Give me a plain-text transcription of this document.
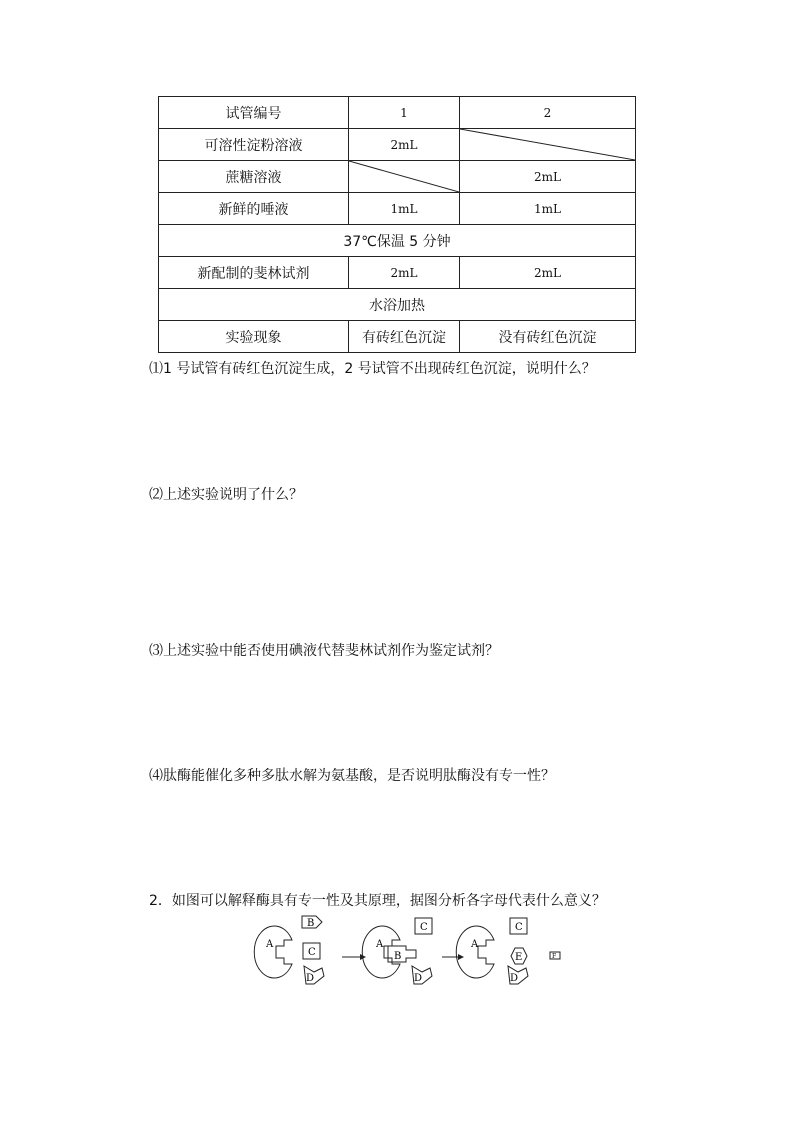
试管编号	1	2
可溶性淀粉溶液	2mL	

蔗糖溶液		2mL
新鲜的唾液	1mL	1mL
37℃保温 5 分钟		
新配制的斐林试剂	2mL	2mL
水浴加热		
实验现象	有砖红色沉淀	没有砖红色沉淀
⑴1 号试管有砖红色沉淀生成，2 号试管不出现砖红色沉淀，说明什么？
⑵上述实验说明了什么？
⑶上述实验中能否使用碘液代替斐林试剂作为鉴定试剂？
⑷肽酶能催化多种多肽水解为氨基酸，是否说明肽酶没有专一性？
2．如图可以解释酶具有专一性及其原理，据图分析各字母代表什么意义？
A
B
C
D
A
B
C
D
A
C
E	F
D
